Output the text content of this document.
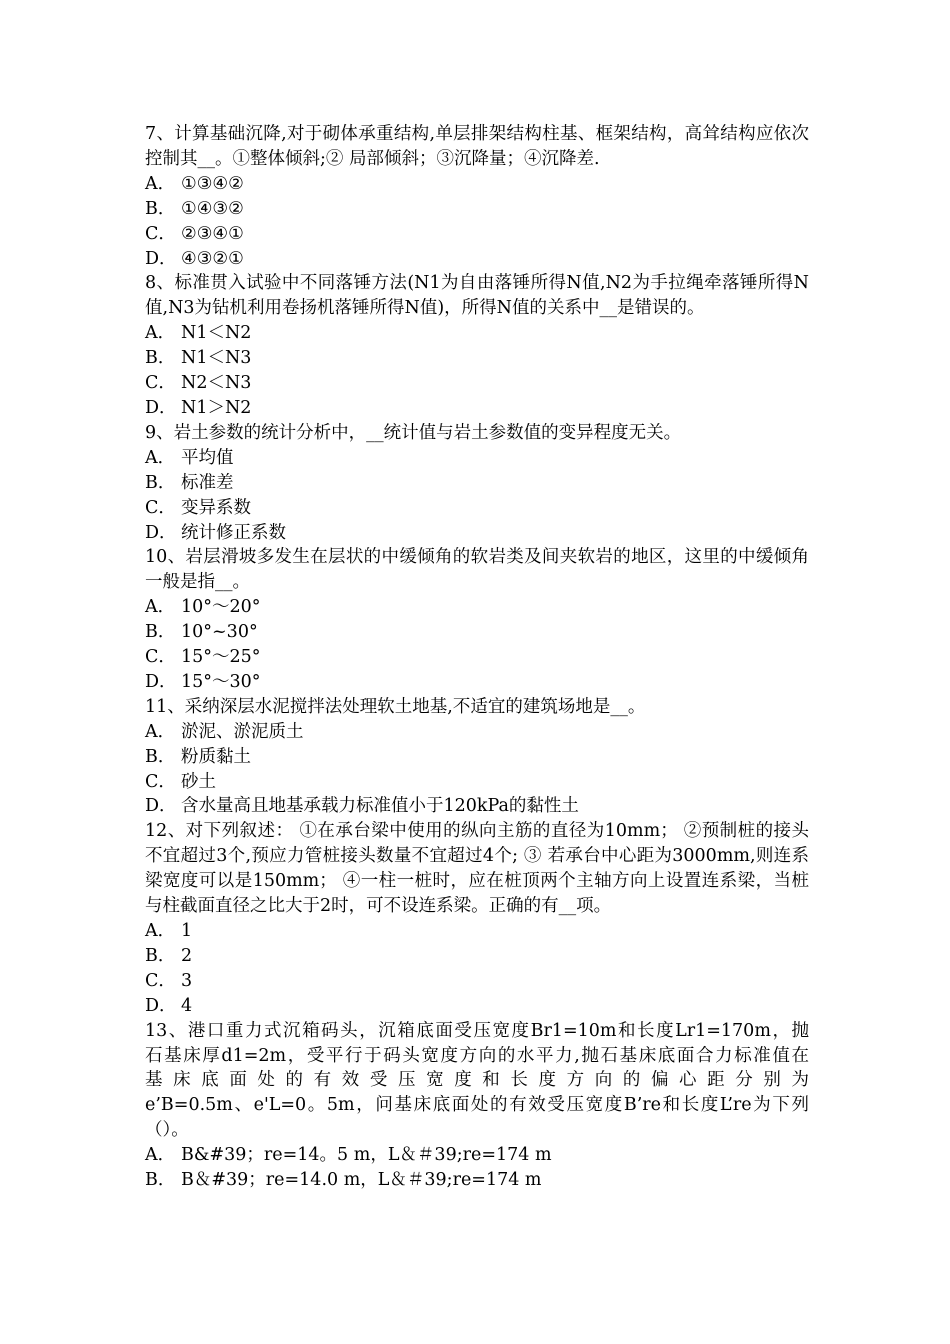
7、计算基础沉降,对于砌体承重结构,单层排架结构柱基、框架结构，高耸结构应依次控制其__。①整体倾斜;② 局部倾斜；③沉降量；④沉降差.
A． ①③④②
B． ①④③②
C． ②③④①
D． ④③②①
8、标准贯入试验中不同落锤方法(N1为自由落锤所得N值,N2为手拉绳牵落锤所得N值,N3为钻机利用卷扬机落锤所得N值)，所得N值的关系中__是错误的。
A． N1＜N2
B． N1＜N3
C． N2＜N3
D． N1＞N2
9、岩土参数的统计分析中，__统计值与岩土参数值的变异程度无关。
A． 平均值
B． 标准差
C． 变异系数
D． 统计修正系数
10、岩层滑坡多发生在层状的中缓倾角的软岩类及间夹软岩的地区，这里的中缓倾角一般是指__。
A． 10°～20°
B． 10°~30°
C． 15°～25°
D． 15°～30°
11、采纳深层水泥搅拌法处理软土地基,不适宜的建筑场地是__。
A． 淤泥、淤泥质土
B． 粉质黏土
C． 砂土
D． 含水量高且地基承载力标准值小于120kPa的黏性土
12、对下列叙述： ①在承台梁中使用的纵向主筋的直径为10mm； ②预制桩的接头不宜超过3个,预应力管桩接头数量不宜超过4个; ③ 若承台中心距为3000mm,则连系梁宽度可以是150mm； ④一柱一桩时，应在桩顶两个主轴方向上设置连系梁，当桩与柱截面直径之比大于2时，可不设连系梁。正确的有__项。
A． 1
B． 2
C． 3
D． 4
13、港口重力式沉箱码头，沉箱底面受压宽度Br1=10m和长度Lr1=170m，抛
石基床厚d1=2m，受平行于码头宽度方向的水平力,抛石基床底面合力标准值在
基 床 底 面 处 的 有 效 受 压 宽 度 和 长 度 方 向 的 偏 心 距 分 别 为
e’B=0.5m、e'L=0。5m，问基床底面处的有效受压宽度B’re和长度L’re为下列
（）。
A． B&#39；re=14。5 m，L＆＃39;re=174 m
B． B＆#39；re=14.0 m，L＆＃39;re=174 m
